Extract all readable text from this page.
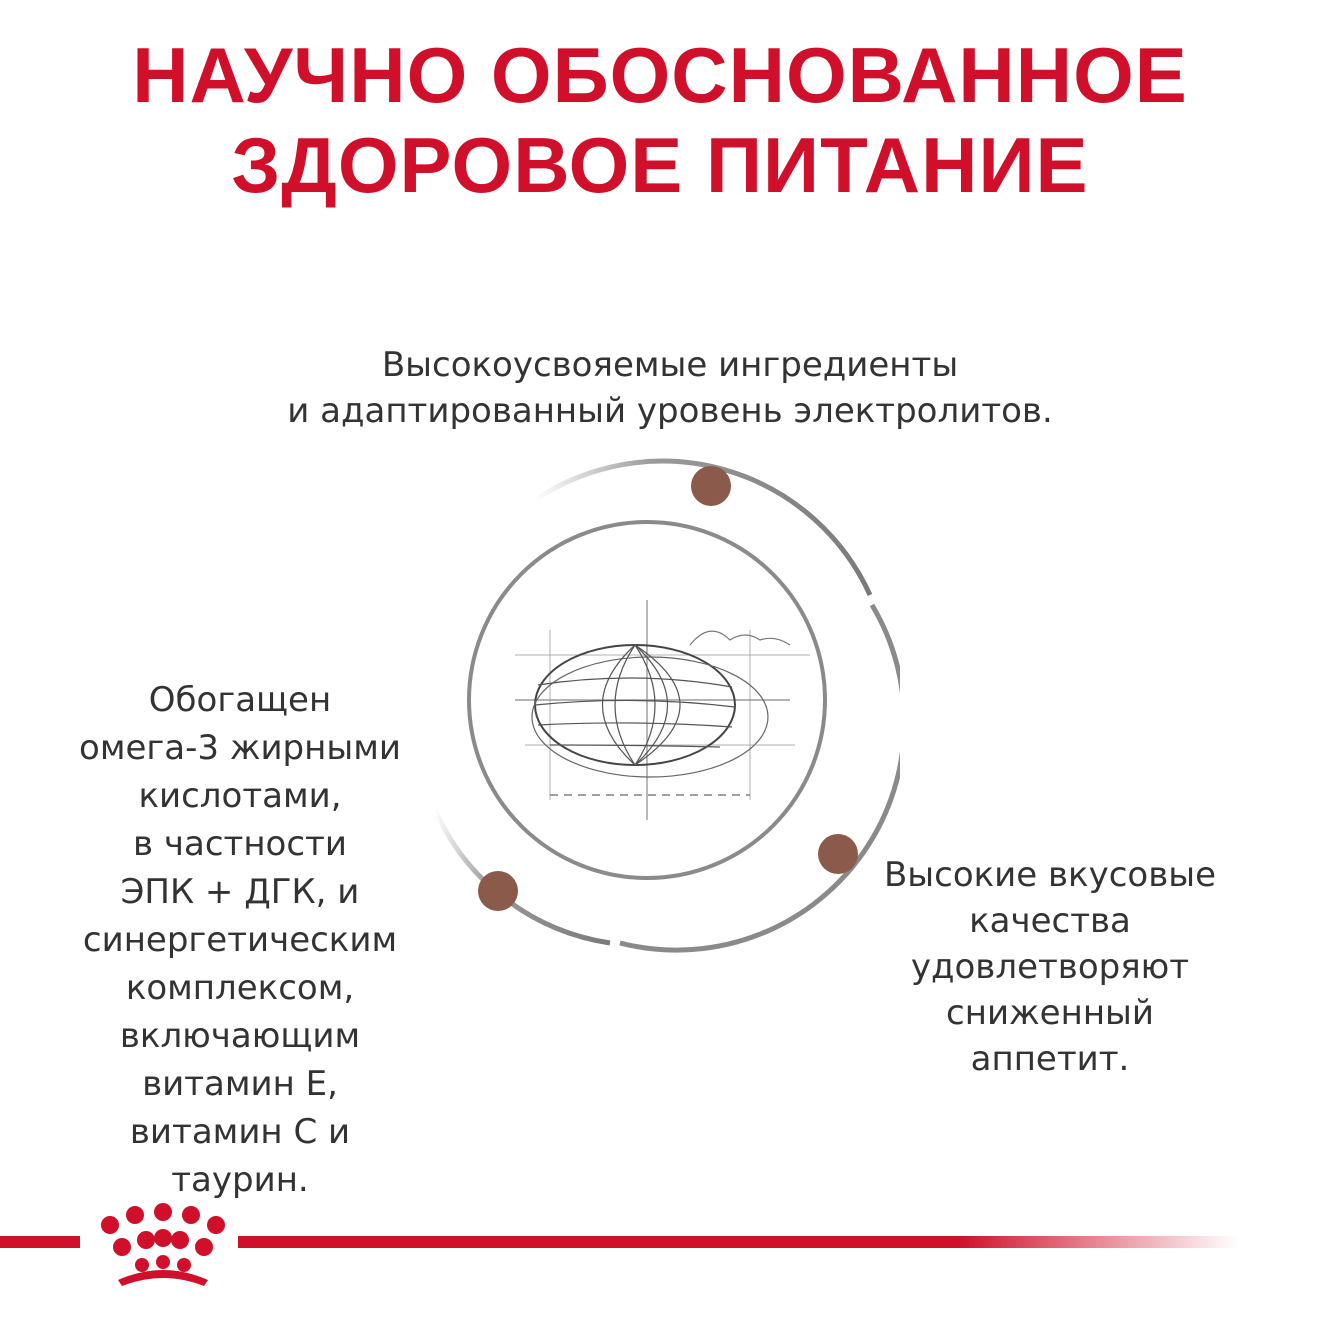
НАУЧНО ОБОСНОВАННОЕ
ЗДОРОВОЕ ПИТАНИЕ

Высокоусвояемые ингредиенты
и адаптированный уровень электролитов.

Обогащен
омега-3 жирными
кислотами,
в частности
ЭПК + ДГК, и
синергетическим
комплексом,
включающим
витамин Е,
витамин С и
таурин.

Высокие вкусовые
качества
удовлетворяют
сниженный
аппетит.
